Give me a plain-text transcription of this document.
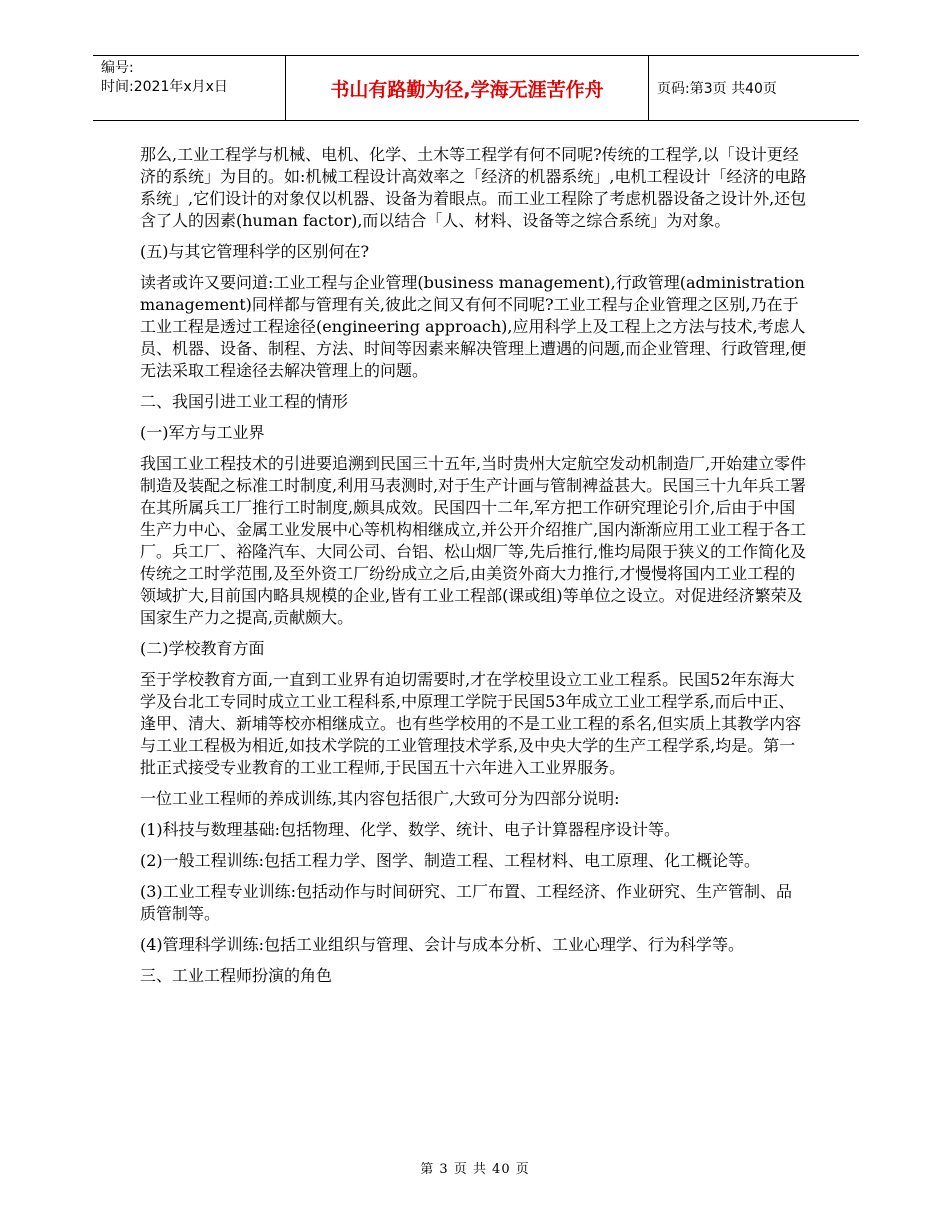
编号:
时间:2021年x月x日	书山有路勤为径,学海无涯苦作舟	页码:第3页 共40页

那么,工业工程学与机械、电机、化学、土木等工程学有何不同呢?传统的工程学,以「设计更经济的系统」为目的。如:机械工程设计高效率之「经济的机器系统」,电机工程设计「经济的电路系统」,它们设计的对象仅以机器、设备为着眼点。而工业工程除了考虑机器设备之设计外,还包含了人的因素(human factor),而以结合「人、材料、设备等之综合系统」为对象。

(五)与其它管理科学的区别何在?

读者或许又要问道:工业工程与企业管理(business management),行政管理(administration management)同样都与管理有关,彼此之间又有何不同呢?工业工程与企业管理之区别,乃在于工业工程是透过工程途径(engineering approach),应用科学上及工程上之方法与技术,考虑人员、机器、设备、制程、方法、时间等因素来解决管理上遭遇的问题,而企业管理、行政管理,便无法采取工程途径去解决管理上的问题。

二、我国引进工业工程的情形

(一)军方与工业界

我国工业工程技术的引进要追溯到民国三十五年,当时贵州大定航空发动机制造厂,开始建立零件制造及装配之标准工时制度,利用马表测时,对于生产计画与管制裨益甚大。民国三十九年兵工署在其所属兵工厂推行工时制度,颇具成效。民国四十二年,军方把工作研究理论引介,后由于中国生产力中心、金属工业发展中心等机构相继成立,并公开介绍推广,国内渐渐应用工业工程于各工厂。兵工厂、裕隆汽车、大同公司、台铝、松山烟厂等,先后推行,惟均局限于狭义的工作简化及传统之工时学范围,及至外资工厂纷纷成立之后,由美资外商大力推行,才慢慢将国内工业工程的领域扩大,目前国内略具规模的企业,皆有工业工程部(课或组)等单位之设立。对促进经济繁荣及国家生产力之提高,贡献颇大。

(二)学校教育方面

至于学校教育方面,一直到工业界有迫切需要时,才在学校里设立工业工程系。民国52年东海大学及台北工专同时成立工业工程科系,中原理工学院于民国53年成立工业工程学系,而后中正、逢甲、清大、新埔等校亦相继成立。也有些学校用的不是工业工程的系名,但实质上其教学内容与工业工程极为相近,如技术学院的工业管理技术学系,及中央大学的生产工程学系,均是。第一批正式接受专业教育的工业工程师,于民国五十六年进入工业界服务。

一位工业工程师的养成训练,其内容包括很广,大致可分为四部分说明:

(1)科技与数理基础:包括物理、化学、数学、统计、电子计算器程序设计等。

(2)一般工程训练:包括工程力学、图学、制造工程、工程材料、电工原理、化工概论等。

(3)工业工程专业训练:包括动作与时间研究、工厂布置、工程经济、作业研究、生产管制、品质管制等。

(4)管理科学训练:包括工业组织与管理、会计与成本分析、工业心理学、行为科学等。

三、工业工程师扮演的角色

第 3 页 共 40 页
